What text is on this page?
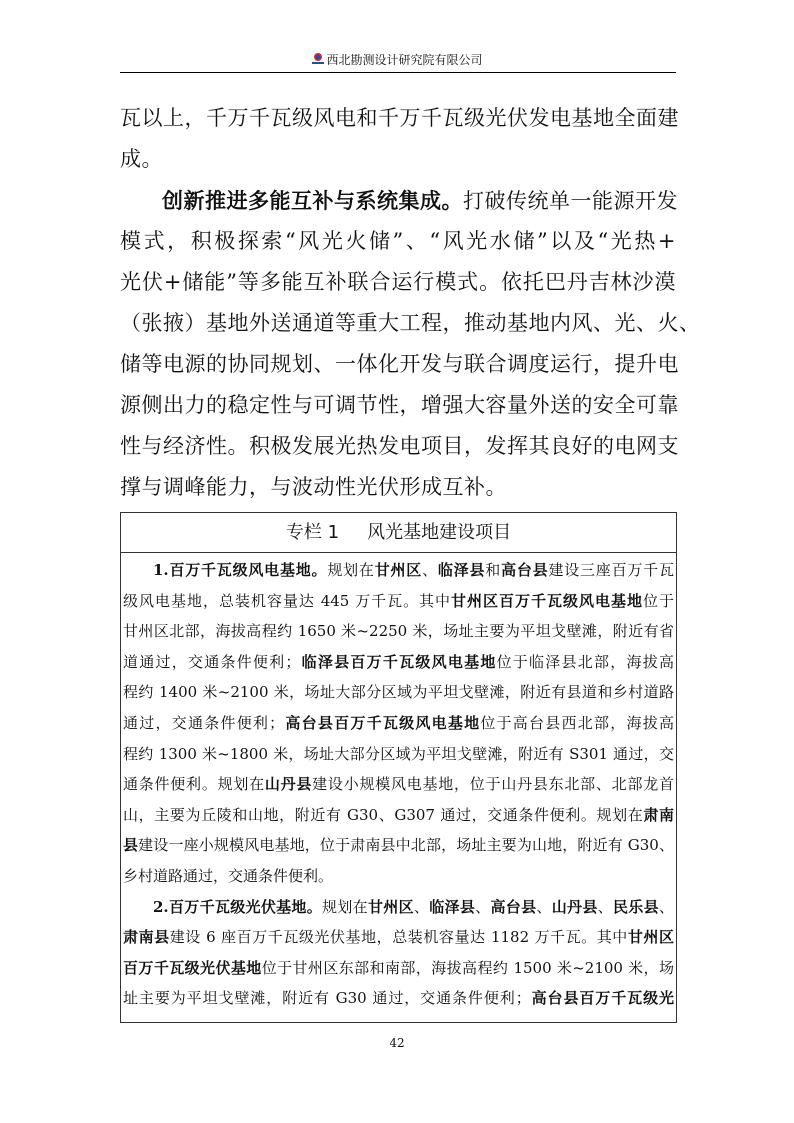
西北勘测设计研究院有限公司
瓦以上，千万千瓦级风电和千万千瓦级光伏发电基地全面建
成。
创新推进多能互补与系统集成。打破传统单一能源开发
模式，积极探索“风光火储”、“风光水储”以及“光热+
光伏+储能”等多能互补联合运行模式。依托巴丹吉林沙漠
（张掖）基地外送通道等重大工程，推动基地内风、光、火、
储等电源的协同规划、一体化开发与联合调度运行，提升电
源侧出力的稳定性与可调节性，增强大容量外送的安全可靠
性与经济性。积极发展光热发电项目，发挥其良好的电网支
撑与调峰能力，与波动性光伏形成互补。
专栏 1 风光基地建设项目
1.百万千瓦级风电基地。规划在甘州区、临泽县和高台县建设三座百万千瓦
级风电基地，总装机容量达 445 万千瓦。其中甘州区百万千瓦级风电基地位于
甘州区北部，海拔高程约 1650 米~2250 米，场址主要为平坦戈壁滩，附近有省
道通过，交通条件便利；临泽县百万千瓦级风电基地位于临泽县北部，海拔高
程约 1400 米~2100 米，场址大部分区域为平坦戈壁滩，附近有县道和乡村道路
通过，交通条件便利；高台县百万千瓦级风电基地位于高台县西北部，海拔高
程约 1300 米~1800 米，场址大部分区域为平坦戈壁滩，附近有 S301 通过，交
通条件便利。规划在山丹县建设小规模风电基地，位于山丹县东北部、北部龙首
山，主要为丘陵和山地，附近有 G30、G307 通过，交通条件便利。规划在肃南
县建设一座小规模风电基地，位于肃南县中北部，场址主要为山地，附近有 G30、
乡村道路通过，交通条件便利。
2.百万千瓦级光伏基地。规划在甘州区、临泽县、高台县、山丹县、民乐县、
肃南县建设 6 座百万千瓦级光伏基地，总装机容量达 1182 万千瓦。其中甘州区
百万千瓦级光伏基地位于甘州区东部和南部，海拔高程约 1500 米~2100 米，场
址主要为平坦戈壁滩，附近有 G30 通过，交通条件便利；高台县百万千瓦级光
42
